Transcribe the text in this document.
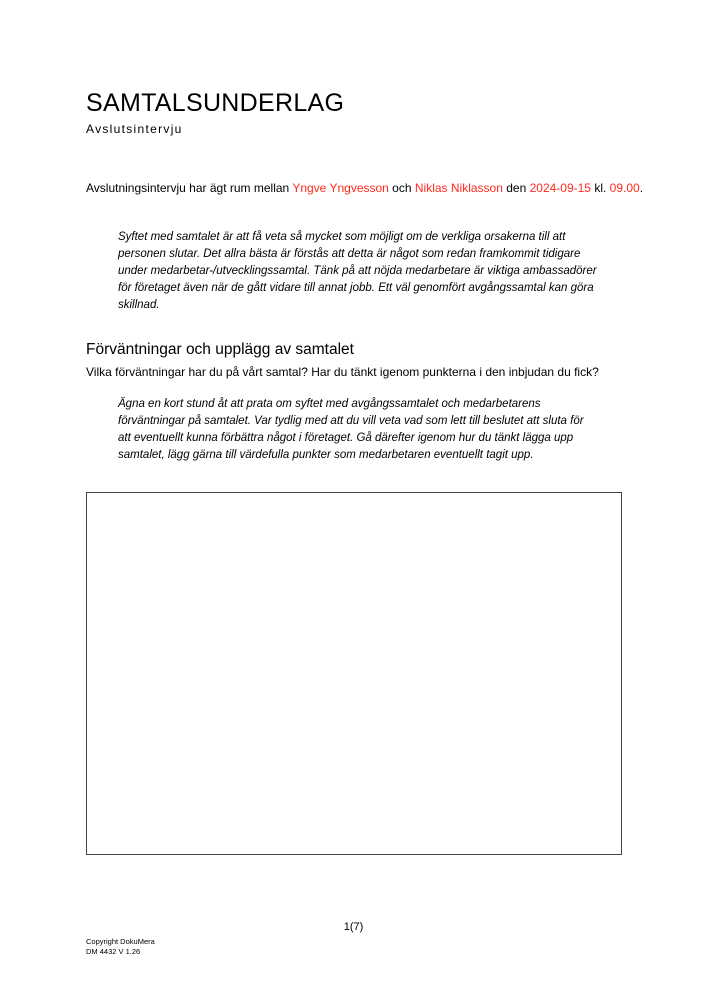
SAMTALSUNDERLAG
Avslutsintervju

Avslutningsintervju har ägt rum mellan Yngve Yngvesson och Niklas Niklasson den 2024-09-15 kl. 09.00.

Syftet med samtalet är att få veta så mycket som möjligt om de verkliga orsakerna till att personen slutar. Det allra bästa är förstås att detta är något som redan framkommit tidigare under medarbetar-/utvecklingssamtal. Tänk på att nöjda medarbetare är viktiga ambassadörer för företaget även när de gått vidare till annat jobb. Ett väl genomfört avgångssamtal kan göra skillnad.

Förväntningar och upplägg av samtalet
Vilka förväntningar har du på vårt samtal? Har du tänkt igenom punkterna i den inbjudan du fick?

Ägna en kort stund åt att prata om syftet med avgångssamtalet och medarbetarens förväntningar på samtalet. Var tydlig med att du vill veta vad som lett till beslutet att sluta för att eventuellt kunna förbättra något i företaget. Gå därefter igenom hur du tänkt lägga upp samtalet, lägg gärna till värdefulla punkter som medarbetaren eventuellt tagit upp.

1(7)
Copyright DokuMera
DM 4432 V 1.26
